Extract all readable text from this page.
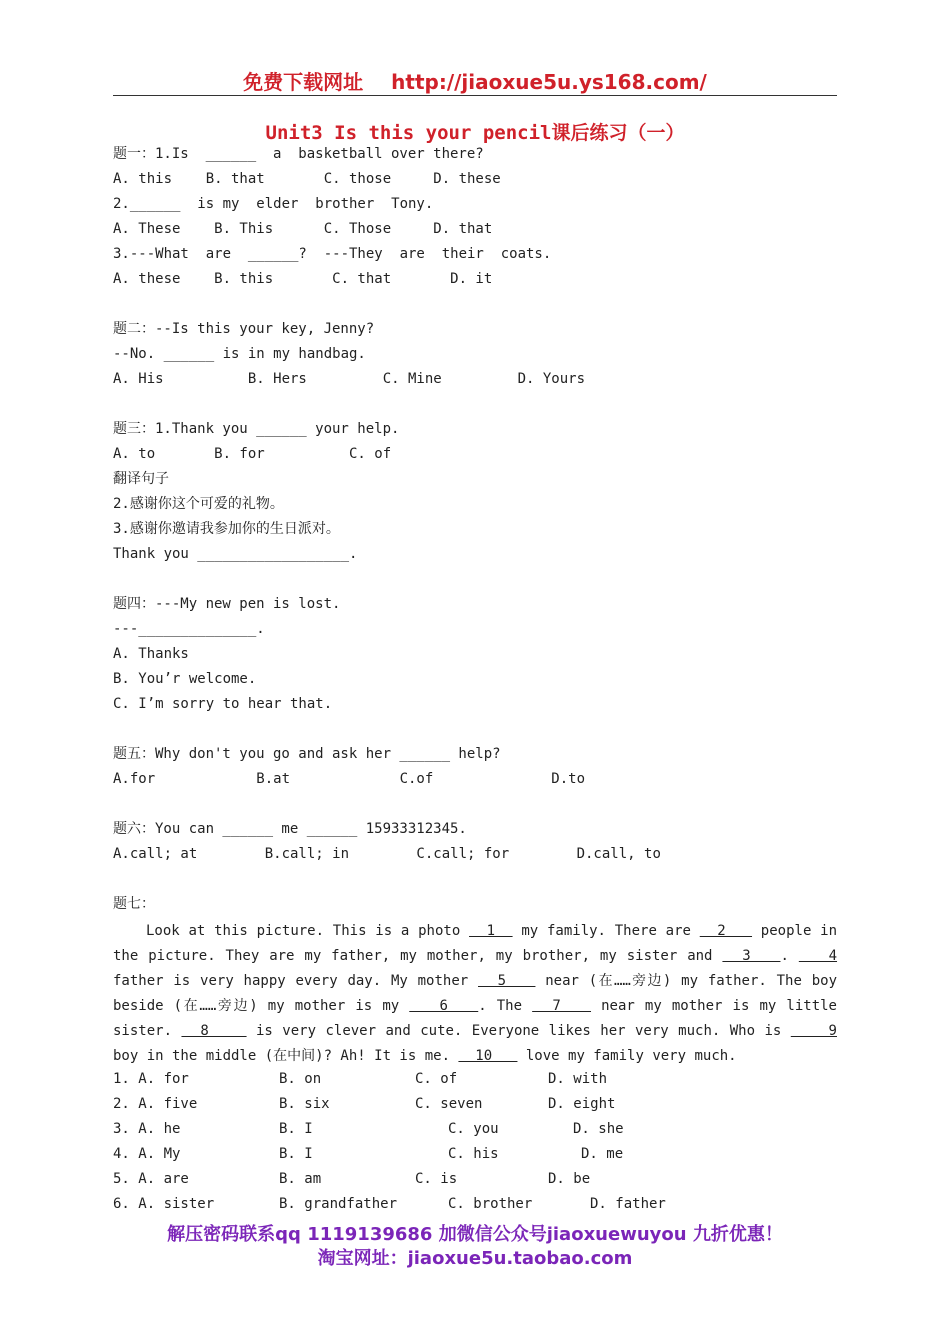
免费下载网址 http://jiaoxue5u.ys168.com/
Unit3 Is this your pencil课后练习（一）
题一：1.Is  ______  a  basketball over there?
A. this    B. that       C. those     D. these
2.______  is my  elder  brother  Tony.
A. These    B. This      C. Those     D. that
3.---What  are  ______?  ---They  are  their  coats.
A. these    B. this       C. that       D. it
题二：--Is this your key, Jenny?
--No. ______ is in my handbag.
A. His          B. Hers         C. Mine         D. Yours
题三：1.Thank you ______ your help.
A. to       B. for          C. of
翻译句子
2.感谢你这个可爱的礼物。
3.感谢你邀请我参加你的生日派对。
Thank you __________________.
题四：---My new pen is lost.
---______________.
A. Thanks
B. You’r welcome.
C. I’m sorry to hear that.
题五：Why don't you go and ask her ______ help?
A.for            B.at             C.of              D.to
题六：You can ______ me ______ 15933312345.
A.call; at        B.call; in        C.call; for        D.call, to
题七：
Look at this picture. This is a photo   1   my family. There are   2    people in the picture. They are my father, my mother, my brother, my sister and   3   .    4 father is very happy every day. My mother   5    near (在……旁边) my father. The boy beside (在……旁边) my mother is my    6   . The   7    near my mother is my little sister.   8     is very clever and cute. Everyone likes her very much. Who is     9 boy in the middle (在中间)? Ah! It is me.   10    love my family very much.
1. A. for	B. on	C. of	D. with
2. A. five	B. six	C. seven	D. eight
3. A. he	B. I	C. you	D. she
4. A. My	B. I	C. his	D. me
5. A. are	B. am	C. is	D. be
6. A. sister	B. grandfather	C. brother	D. father
解压密码联系qq 1119139686 加微信公众号jiaoxuewuyou 九折优惠！
淘宝网址：jiaoxue5u.taobao.com
